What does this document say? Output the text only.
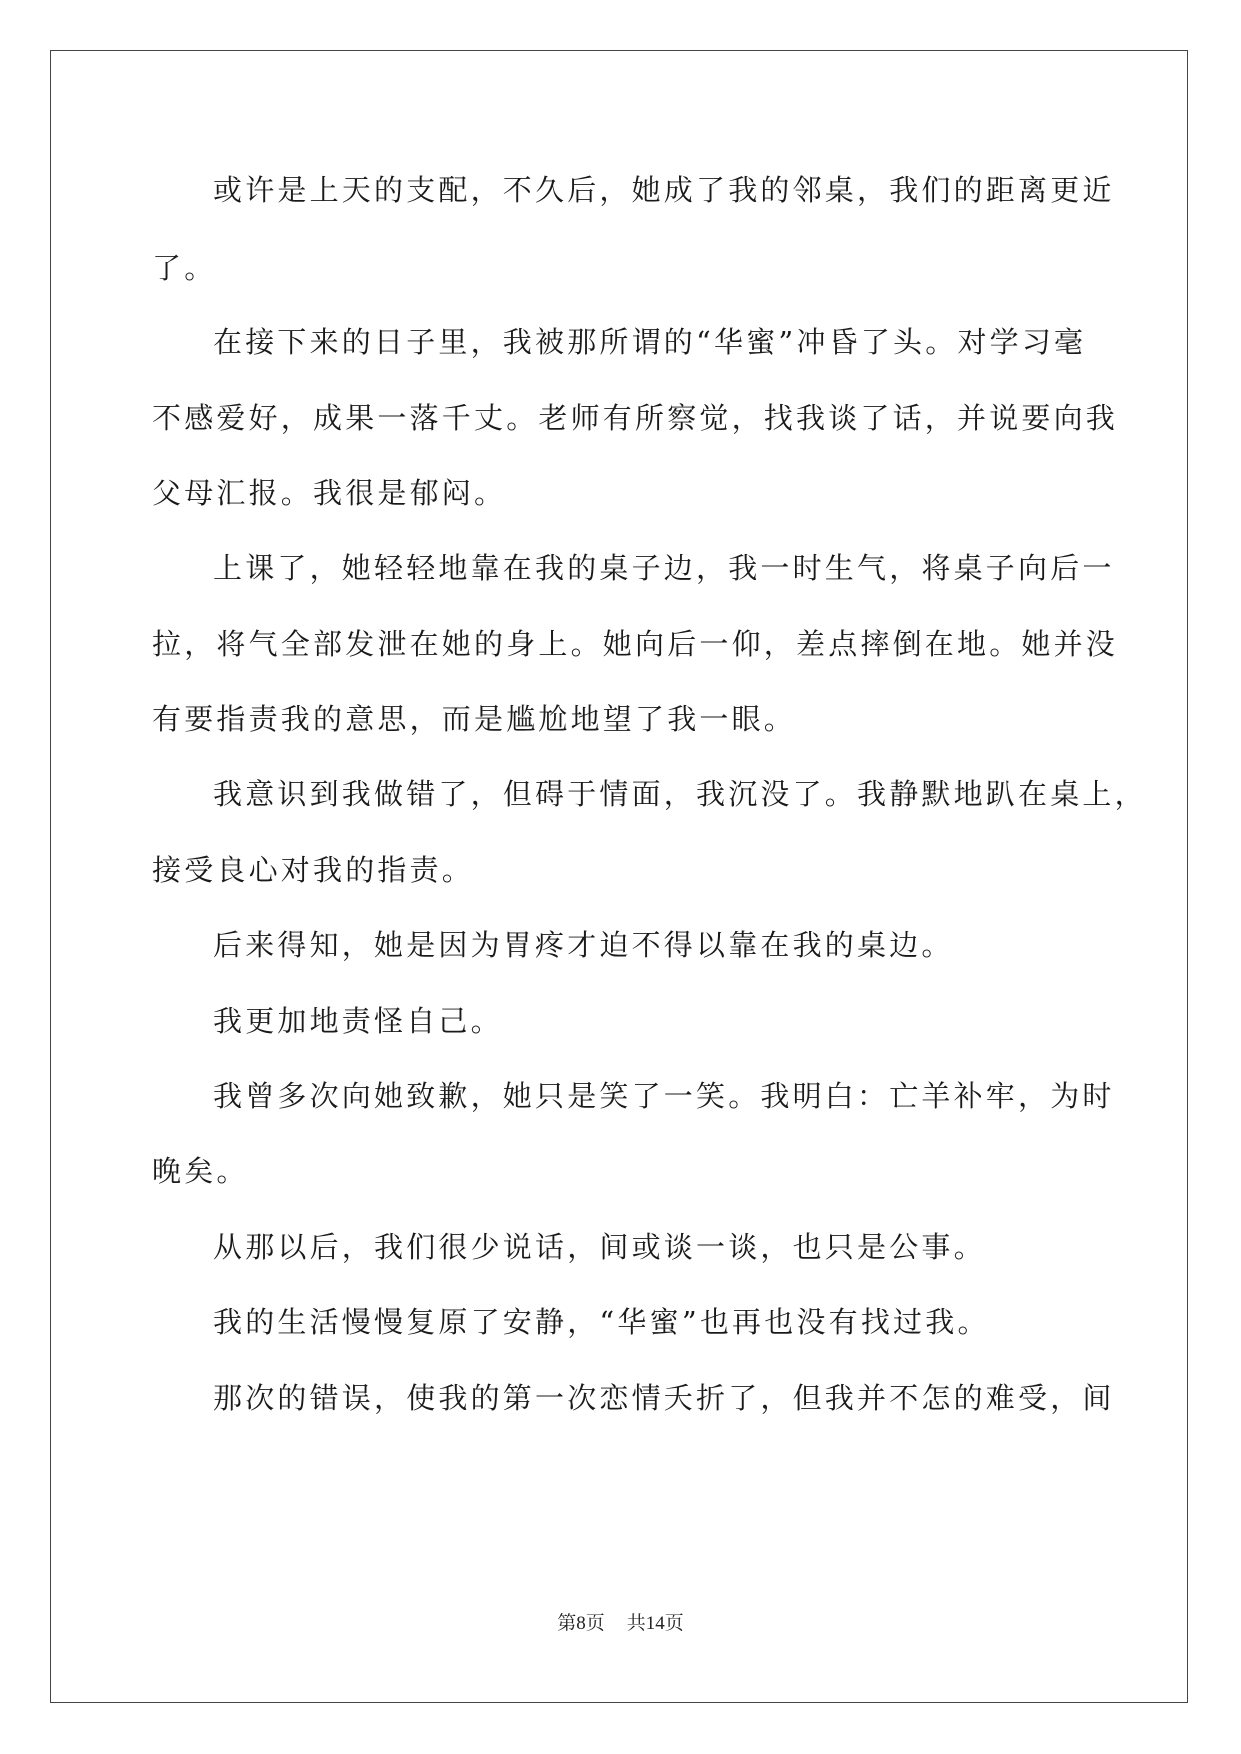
或许是上天的支配，不久后，她成了我的邻桌，我们的距离更近
了。
在接下来的日子里，我被那所谓的“华蜜”冲昏了头。对学习毫
不感爱好，成果一落千丈。老师有所察觉，找我谈了话，并说要向我
父母汇报。我很是郁闷。
上课了，她轻轻地靠在我的桌子边，我一时生气，将桌子向后一
拉，将气全部发泄在她的身上。她向后一仰，差点摔倒在地。她并没
有要指责我的意思，而是尴尬地望了我一眼。
我意识到我做错了，但碍于情面，我沉没了。我静默地趴在桌上，
接受良心对我的指责。
后来得知，她是因为胃疼才迫不得以靠在我的桌边。
我更加地责怪自己。
我曾多次向她致歉，她只是笑了一笑。我明白：亡羊补牢，为时
晚矣。
从那以后，我们很少说话，间或谈一谈，也只是公事。
我的生活慢慢复原了安静，“华蜜”也再也没有找过我。
那次的错误，使我的第一次恋情夭折了，但我并不怎的难受，间
第8页 共14页
